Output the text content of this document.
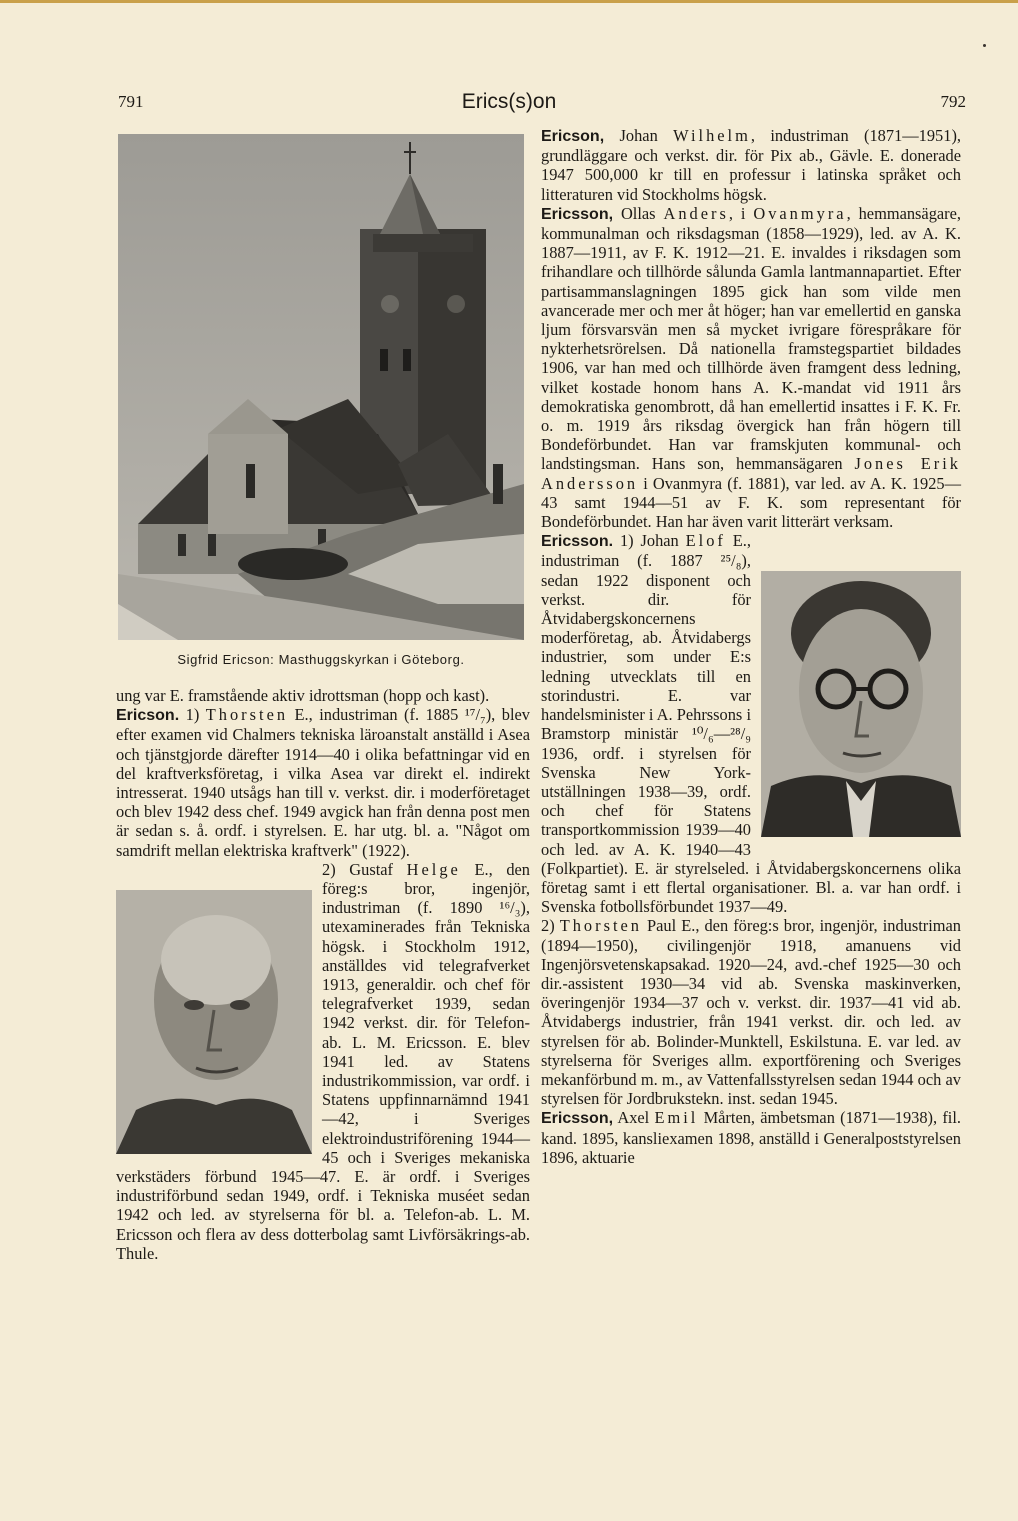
791	Erics(s)on	792
Sigfrid Ericson: Masthuggskyrkan i Göteborg.

ung var E. framstående aktiv idrottsman (hopp och kast).

Ericson. 1) Thorsten E., industriman (f. 1885 ¹⁷/₇), blev efter examen vid Chalmers tekniska läroanstalt anställd i Asea och tjänstgjorde därefter 1914—40 i olika befattningar vid en del kraftverksföretag, i vilka Asea var direkt el. indirekt intresserat. 1940 utsågs han till v. verkst. dir. i moderföretaget och blev 1942 dess chef. 1949 avgick han från denna post men är sedan s. å. ordf. i styrelsen. E. har utg. bl. a. "Något om samdrift mellan elektriska kraftverk" (1922).

2) Gustaf Helge
E., den föreg:s bror, ingenjör, industriman (f. 1890 ¹⁶/₃), utexaminerades från Tekniska högsk. i Stockholm 1912, anställdes vid telegrafverket 1913, generaldir. och chef för telegrafverket 1939, sedan 1942 verkst. dir. för Telefon-ab. L. M. Ericsson. E. blev 1941 led. av Statens industrikommission, var ordf. i Statens uppfinnarnämnd 1941—42, i Sveriges elektroindustriförening 1944—45 och i Sveriges mekaniska verkstäders förbund 1945—47. E. är ordf. i Sveriges industriförbund sedan 1949, ordf. i Tekniska muséet sedan 1942 och led. av styrelserna för bl. a. Telefon-ab. L. M. Ericsson och flera av dess dotterbolag samt Livförsäkrings-ab. Thule.

Ericson, Johan Wilhelm, industriman (1871—1951), grundläggare och verkst. dir. för Pix ab., Gävle. E. donerade 1947 500,000 kr till en professur i latinska språket och litteraturen vid Stockholms högsk.

Ericsson, Ollas Anders, i Ovanmyra, hemmansägare, kommunalman och riksdagsman (1858—1929), led. av A. K. 1887—1911, av F. K. 1912—21. E. invaldes i riksdagen som frihandlare och tillhörde sålunda Gamla lantmannapartiet. Efter partisammanslagningen 1895 gick han som vilde men avancerade mer och mer åt höger; han var emellertid en ganska ljum försvarsvän men så mycket ivrigare förespråkare för nykterhetsrörelsen. Då nationella framstegspartiet bildades 1906, var han med och tillhörde även framgent dess ledning, vilket kostade honom hans A. K.-mandat vid 1911 års demokratiska genombrott, då han emellertid insattes i F. K. Fr. o. m. 1919 års riksdag övergick han från högern till Bondeförbundet. Han var framskjuten kommunal- och landstingsman. Hans son, hemmansägaren Jones Erik Andersson i Ovanmyra (f. 1881), var led. av A. K. 1925—43 samt 1944—51 av F. K. som representant för Bondeförbundet. Han har även varit litterärt verksam.

Ericsson. 1) Johan Elof
E., industriman (f. 1887 ²⁵/₈), sedan 1922 disponent och verkst. dir. för Åtvidabergskoncernens moderföretag, ab. Åtvidabergs industrier, som under E:s ledning utvecklats till en storindustri. E. var handelsminister i A. Pehrssons i Bramstorp ministär ¹⁰/₆—²⁸/₉ 1936, ordf. i styrelsen för Svenska New York-utställningen 1938—39, ordf. och chef för Statens transportkommission 1939—40 och led. av A. K. 1940—43 (Folkpartiet). E. är styrelseled. i Åtvidabergskoncernens olika företag samt i ett flertal organisationer. Bl. a. var han ordf. i Svenska fotbollsförbundet 1937—49.

2) Thorsten Paul E., den föreg:s bror, ingenjör, industriman (1894—1950), civilingenjör 1918, amanuens vid Ingenjörsvetenskapsakad. 1920—24, avd.-chef 1925—30 och dir.-assistent 1930—34 vid ab. Svenska maskinverken, överingenjör 1934—37 och v. verkst. dir. 1937—41 vid ab. Åtvidabergs industrier, från 1941 verkst. dir. och led. av styrelsen för ab. Bolinder-Munktell, Eskilstuna. E. var led. av styrelserna för Sveriges allm. exportförening och Sveriges mekanförbund m. m., av Vattenfallsstyrelsen sedan 1944 och av styrelsen för Jordbrukstekn. inst. sedan 1945.

Ericsson, Axel Emil Mårten, ämbetsman (1871—1938), fil. kand. 1895, kansliexamen 1898, anställd i Generalpoststyrelsen 1896, aktuarie
